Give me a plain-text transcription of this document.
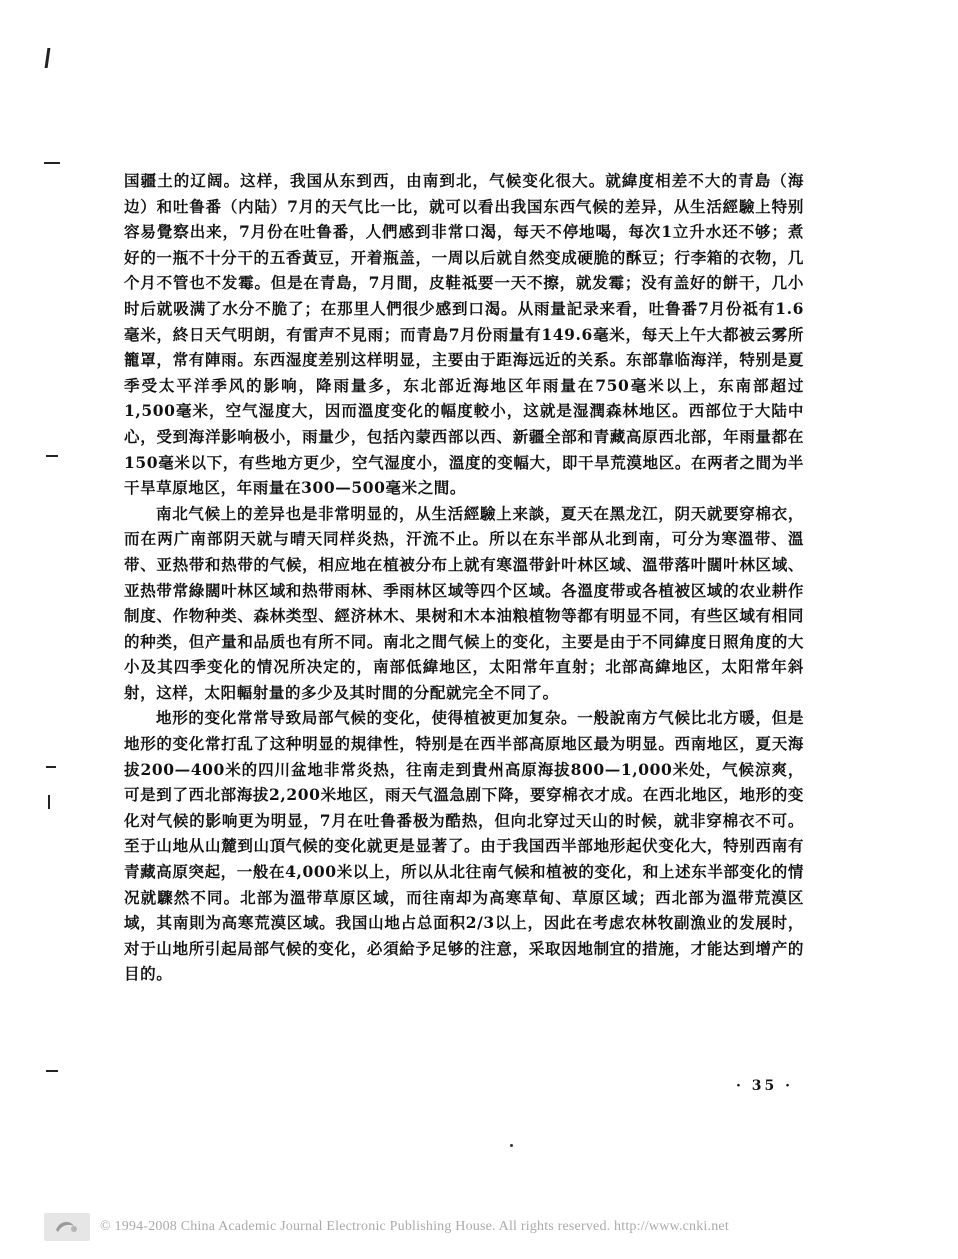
国疆土的辽阔。这样，我国从东到西，由南到北，气候变化很大。就緯度相差不大的青島（海边）和吐鲁番（内陆）7月的天气比一比，就可以看出我国东西气候的差异，从生活經驗上特别容易覺察出来，7月份在吐鲁番，人們感到非常口渴，每天不停地喝，每次1立升水还不够；煮好的一瓶不十分干的五香黃豆，开着瓶盖，一周以后就自然变成硬脆的酥豆；行李箱的衣物，几个月不管也不发霉。但是在青島，7月間，皮鞋祗要一天不擦，就发霉；没有盖好的餅干，几小时后就吸满了水分不脆了；在那里人們很少感到口渴。从雨量記录来看，吐鲁番7月份祗有1.6毫米，終日天气明朗，有雷声不見雨；而青島7月份雨量有149.6毫米，每天上午大都被云雾所籠罩，常有陣雨。东西湿度差别这样明显，主要由于距海远近的关系。东部靠临海洋，特别是夏季受太平洋季风的影响，降雨量多，东北部近海地区年雨量在750毫米以上，东南部超过1,500毫米，空气湿度大，因而溫度变化的幅度較小，这就是湿潤森林地区。西部位于大陆中心，受到海洋影响极小，雨量少，包括內蒙西部以西、新疆全部和青藏高原西北部，年雨量都在150毫米以下，有些地方更少，空气湿度小，溫度的变幅大，即干旱荒漠地区。在两者之間为半干旱草原地区，年雨量在300—500毫米之間。

南北气候上的差异也是非常明显的，从生活經驗上来談，夏天在黑龙江，阴天就要穿棉衣，而在两广南部阴天就与晴天同样炎热，汗流不止。所以在东半部从北到南，可分为寒溫带、溫带、亚热带和热带的气候，相应地在植被分布上就有寒溫带針叶林区域、溫带落叶闊叶林区域、亚热带常綠闊叶林区域和热带雨林、季雨林区域等四个区域。各溫度带或各植被区域的农业耕作制度、作物种类、森林类型、經济林木、果树和木本油粮植物等都有明显不同，有些区域有相同的种类，但产量和品质也有所不同。南北之間气候上的变化，主要是由于不同緯度日照角度的大小及其四季变化的情况所决定的，南部低緯地区，太阳常年直射；北部高緯地区，太阳常年斜射，这样，太阳輻射量的多少及其时間的分配就完全不同了。

地形的变化常常导致局部气候的变化，使得植被更加复杂。一般說南方气候比北方暖，但是地形的变化常打乱了这种明显的規律性，特别是在西半部高原地区最为明显。西南地区，夏天海拔200—400米的四川盆地非常炎热，往南走到貴州高原海拔800—1,000米处，气候涼爽，可是到了西北部海拔2,200米地区，雨天气溫急剧下降，要穿棉衣才成。在西北地区，地形的变化对气候的影响更为明显，7月在吐鲁番极为酷热，但向北穿过天山的时候，就非穿棉衣不可。至于山地从山麓到山頂气候的变化就更是显著了。由于我国西半部地形起伏变化大，特别西南有青藏高原突起，一般在4,000米以上，所以从北往南气候和植被的变化，和上述东半部变化的情况就驟然不同。北部为溫带草原区域，而往南却为高寒草甸、草原区域；西北部为溫带荒漠区域，其南則为高寒荒漠区域。我国山地占总面积2/3以上，因此在考虑农林牧副漁业的发展时，对于山地所引起局部气候的变化，必須給予足够的注意，采取因地制宜的措施，才能达到增产的目的。

· 35 ·
© 1994-2008 China Academic Journal Electronic Publishing House. All rights reserved. http://www.cnki.net
